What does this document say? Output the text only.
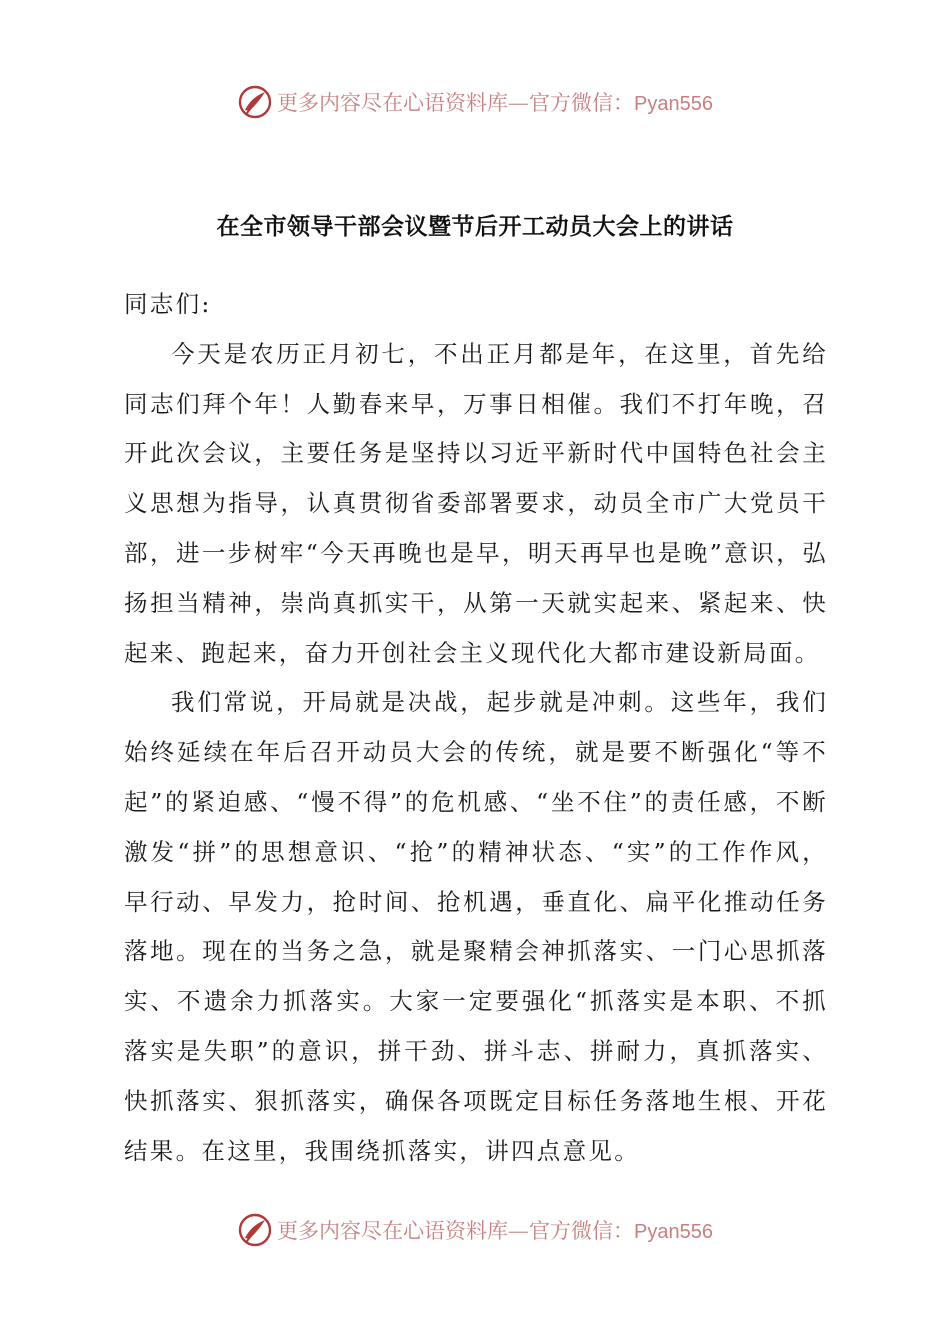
更多内容尽在心语资料库—官方微信：Pyan556
在全市领导干部会议暨节后开工动员大会上的讲话

同志们:

今天是农历正月初七，不出正月都是年，在这里，首先给同志们拜个年！人勤春来早，万事日相催。我们不打年晚，召开此次会议，主要任务是坚持以习近平新时代中国特色社会主义思想为指导，认真贯彻省委部署要求，动员全市广大党员干部，进一步树牢“今天再晚也是早，明天再早也是晚”意识，弘扬担当精神，崇尚真抓实干，从第一天就实起来、紧起来、快起来、跑起来，奋力开创社会主义现代化大都市建设新局面。

我们常说，开局就是决战，起步就是冲刺。这些年，我们始终延续在年后召开动员大会的传统，就是要不断强化“等不起”的紧迫感、“慢不得”的危机感、“坐不住”的责任感，不断激发“拼”的思想意识、“抢”的精神状态、“实”的工作作风，早行动、早发力，抢时间、抢机遇，垂直化、扁平化推动任务落地。现在的当务之急，就是聚精会神抓落实、一门心思抓落实、不遗余力抓落实。大家一定要强化“抓落实是本职、不抓落实是失职”的意识，拼干劲、拼斗志、拼耐力，真抓落实、快抓落实、狠抓落实，确保各项既定目标任务落地生根、开花结果。在这里，我围绕抓落实，讲四点意见。

更多内容尽在心语资料库—官方微信：Pyan556
